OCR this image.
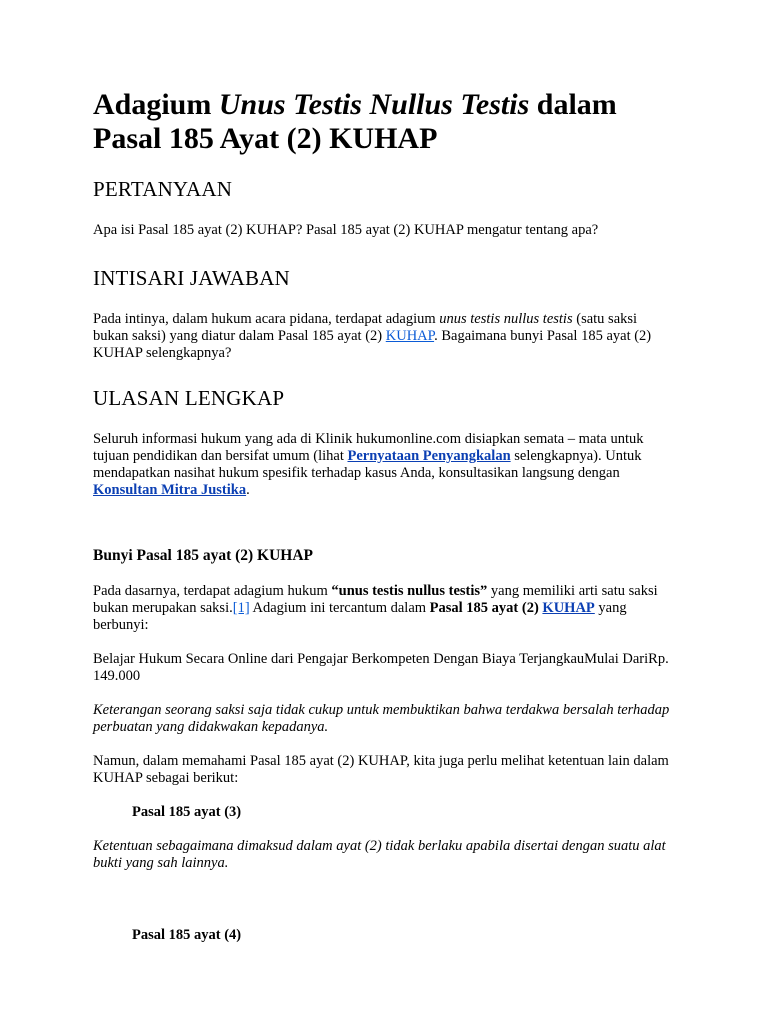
Adagium Unus Testis Nullus Testis dalam Pasal 185 Ayat (2) KUHAP
PERTANYAAN

Apa isi Pasal 185 ayat (2) KUHAP? Pasal 185 ayat (2) KUHAP mengatur tentang apa?

INTISARI JAWABAN

Pada intinya, dalam hukum acara pidana, terdapat adagium unus testis nullus testis (satu saksi bukan saksi) yang diatur dalam Pasal 185 ayat (2) KUHAP. Bagaimana bunyi Pasal 185 ayat (2) KUHAP selengkapnya?

ULASAN LENGKAP

Seluruh informasi hukum yang ada di Klinik hukumonline.com disiapkan semata – mata untuk tujuan pendidikan dan bersifat umum (lihat Pernyataan Penyangkalan selengkapnya). Untuk mendapatkan nasihat hukum spesifik terhadap kasus Anda, konsultasikan langsung dengan Konsultan Mitra Justika.

Bunyi Pasal 185 ayat (2) KUHAP

Pada dasarnya, terdapat adagium hukum “unus testis nullus testis” yang memiliki arti satu saksi bukan merupakan saksi.[1] Adagium ini tercantum dalam Pasal 185 ayat (2) KUHAP yang berbunyi:

Belajar Hukum Secara Online dari Pengajar Berkompeten Dengan Biaya TerjangkauMulai DariRp. 149.000

Keterangan seorang saksi saja tidak cukup untuk membuktikan bahwa terdakwa bersalah terhadap perbuatan yang didakwakan kepadanya.

Namun, dalam memahami Pasal 185 ayat (2) KUHAP, kita juga perlu melihat ketentuan lain dalam KUHAP sebagai berikut:

Pasal 185 ayat (3)

Ketentuan sebagaimana dimaksud dalam ayat (2) tidak berlaku apabila disertai dengan suatu alat bukti yang sah lainnya.

Pasal 185 ayat (4)
